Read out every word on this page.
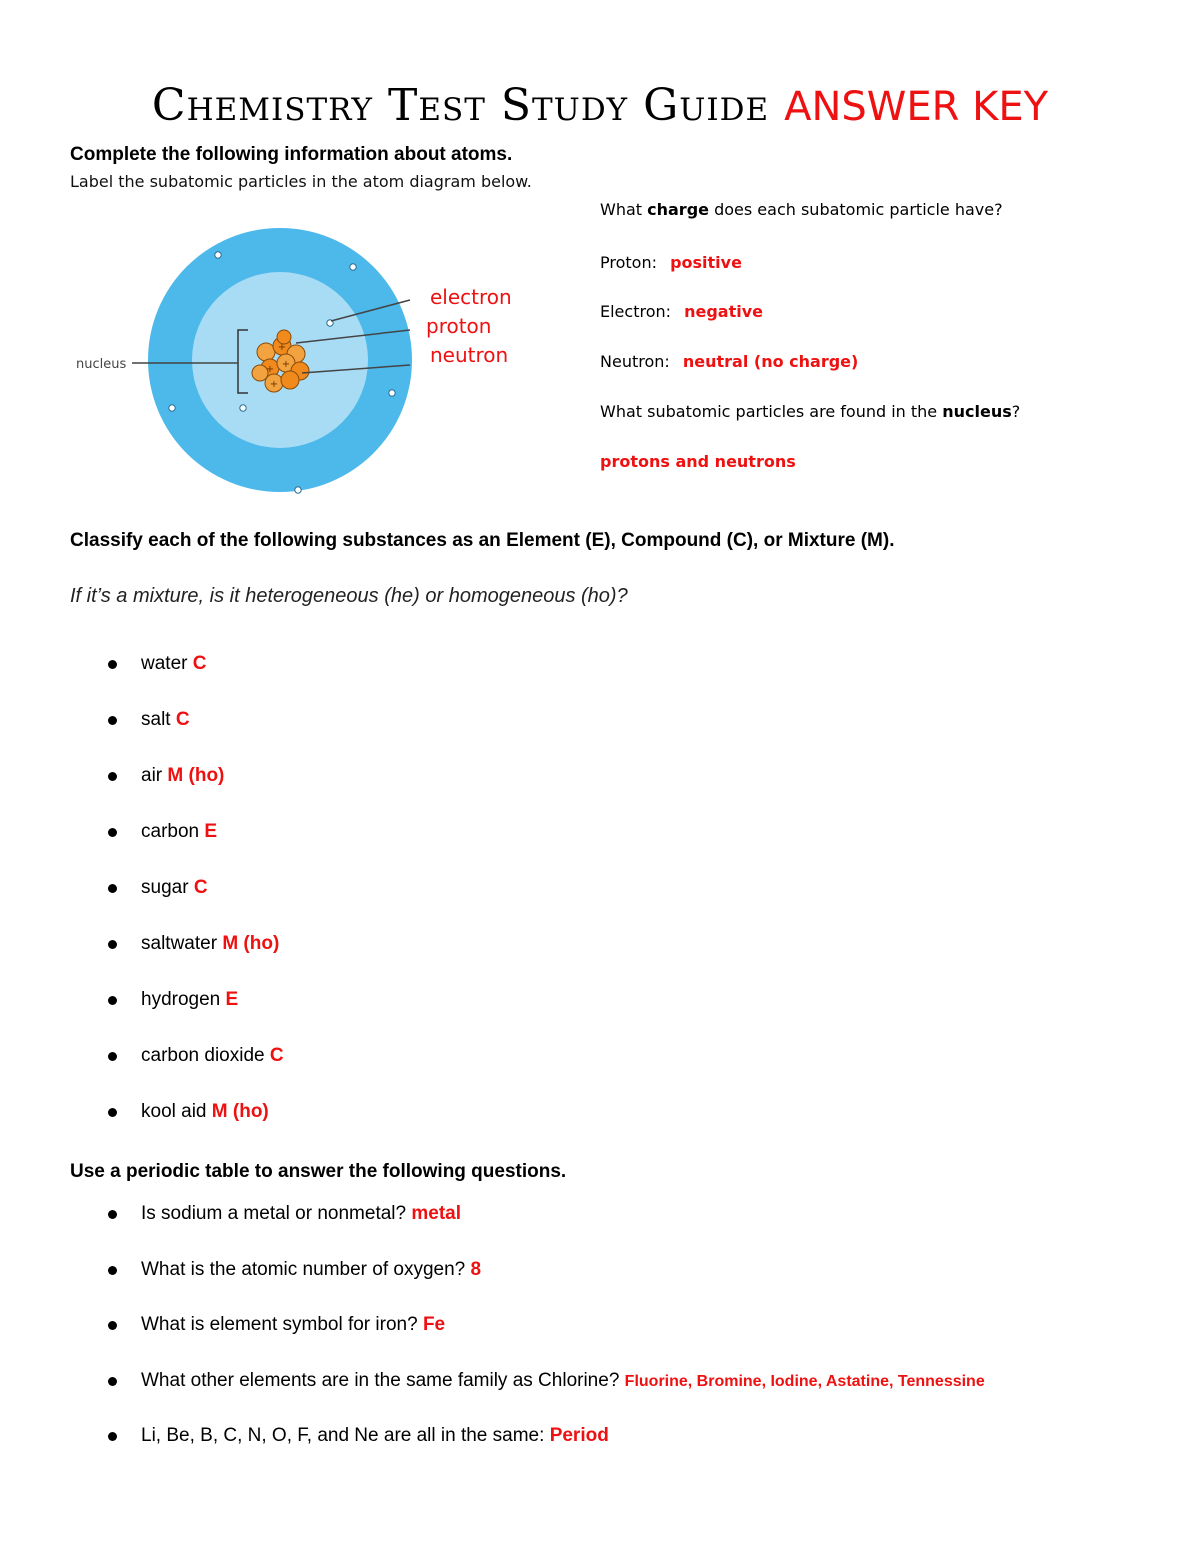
Chemistry Test Study Guide ANSWER KEY
Complete the following information about atoms.
Label the subatomic particles in the atom diagram below.
+
+
+
+
nucleus
electron
proton
neutron
What charge does each subatomic particle have?
Proton: positive
Electron: negative
Neutron: neutral (no charge)
What subatomic particles are found in the nucleus?
protons and neutrons
Classify each of the following substances as an Element (E), Compound (C), or Mixture (M).
If it’s a mixture, is it heterogeneous (he) or homogeneous (ho)?
water C
salt C
air M (ho)
carbon E
sugar C
saltwater M (ho)
hydrogen E
carbon dioxide C
kool aid M (ho)
Use a periodic table to answer the following questions.
Is sodium a metal or nonmetal? metal
What is the atomic number of oxygen? 8
What is element symbol for iron? Fe
What other elements are in the same family as Chlorine? Fluorine, Bromine, Iodine, Astatine, Tennessine
Li, Be, B, C, N, O, F, and Ne are all in the same: Period
